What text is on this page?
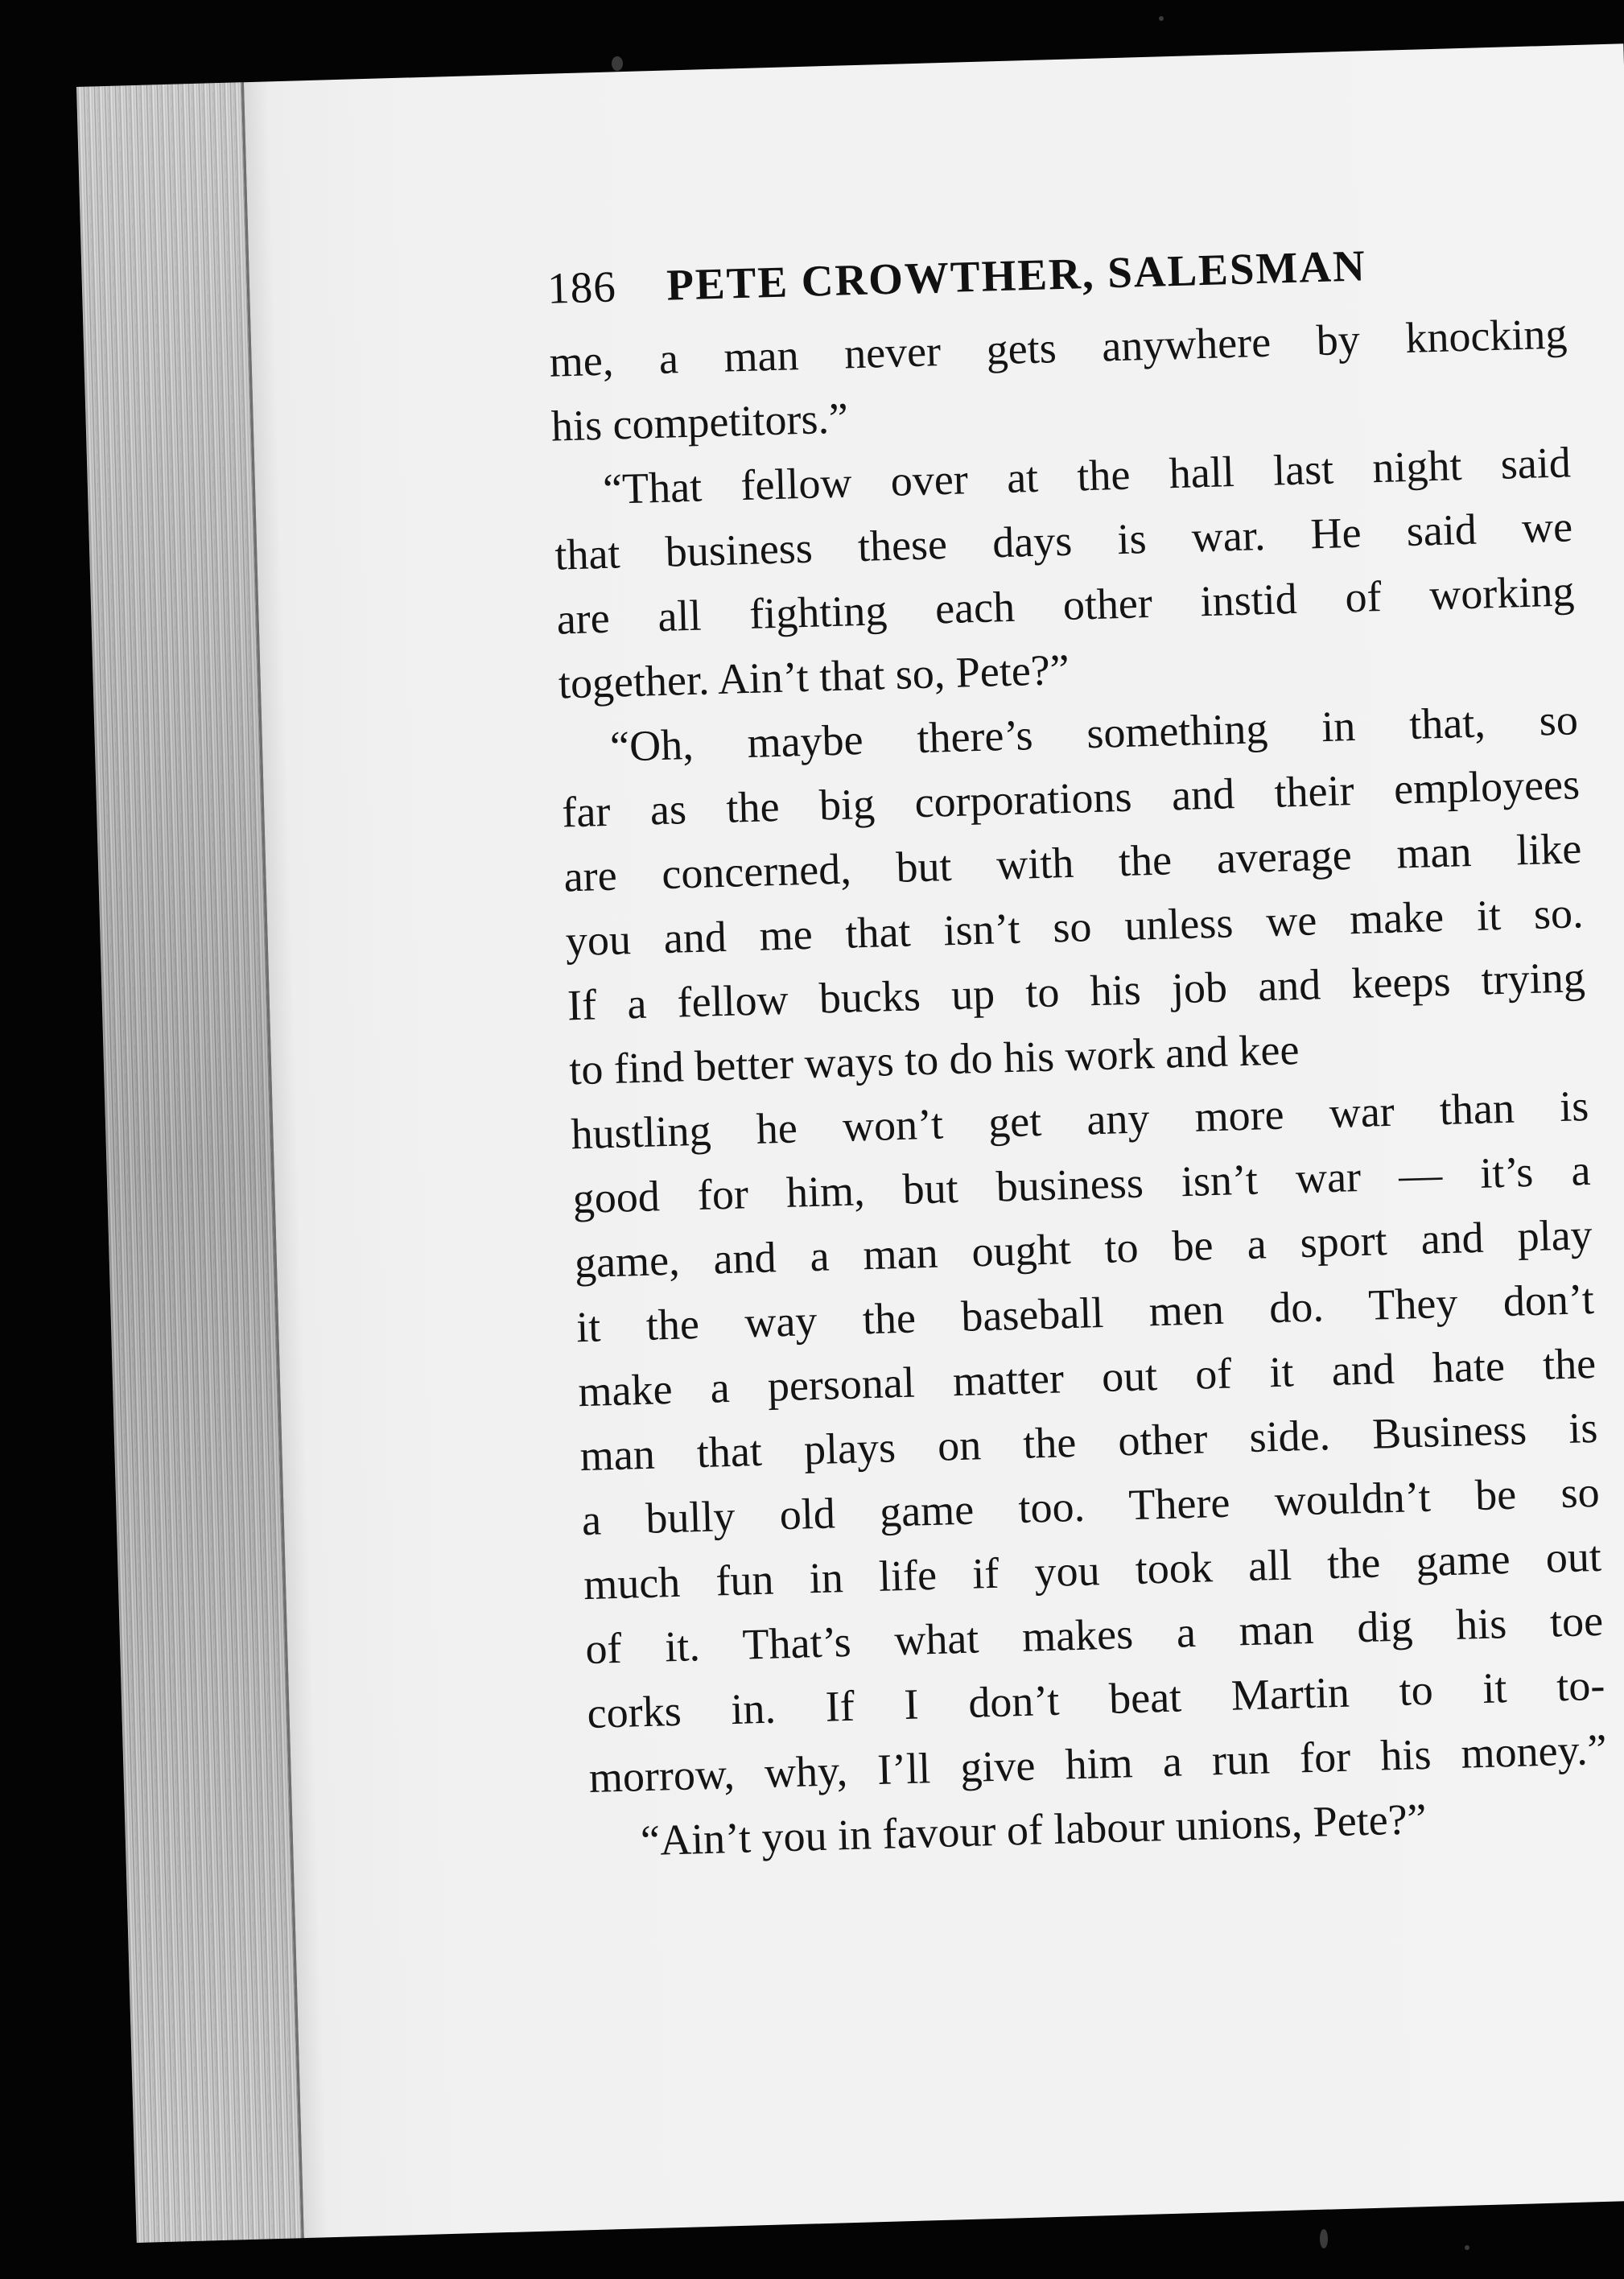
186 PETE CROWTHER, SALESMAN
me, a man never gets anywhere by knocking
his competitors.”
“That fellow over at the hall last night said
that business these days is war. He said we
are all fighting each other instid of working
together. Ain’t that so, Pete?”
“Oh, maybe there’s something in that, so
far as the big corporations and their employees
are concerned, but with the average man like
you and me that isn’t so unless we make it so.
If a fellow bucks up to his job and keeps trying
to find better ways to do his work and kee
hustling he won’t get any more war than is
good for him, but business isn’t war — it’s a
game, and a man ought to be a sport and play
it the way the baseball men do. They don’t
make a personal matter out of it and hate the
man that plays on the other side. Business is
a bully old game too. There wouldn’t be so
much fun in life if you took all the game out
of it. That’s what makes a man dig his toe
corks in. If I don’t beat Martin to it to-
morrow, why, I’ll give him a run for his money.”
“Ain’t you in favour of labour unions, Pete?”
